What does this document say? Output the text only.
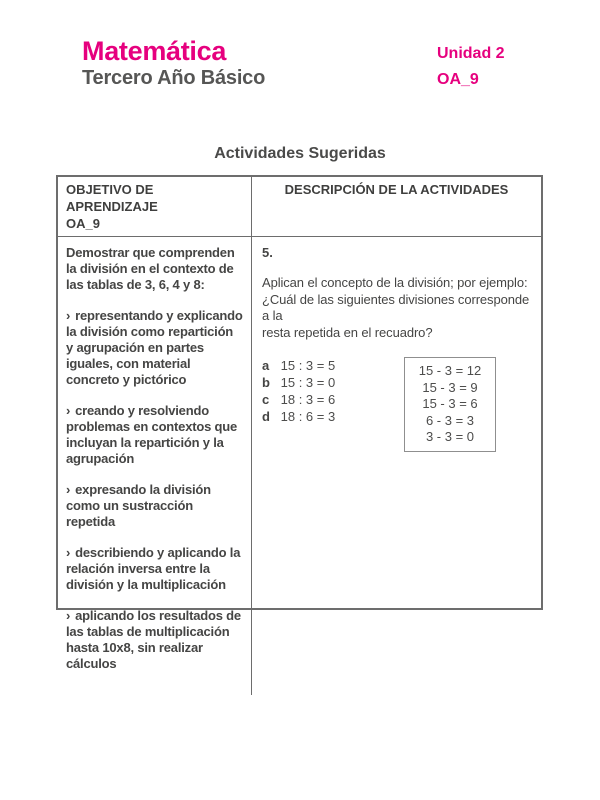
Matemática
Tercero Año Básico
Unidad 2
OA_9
Actividades Sugeridas
OBJETIVO DE APRENDIZAJE
OA_9
DESCRIPCIÓN DE LA ACTIVIDADES

Demostrar que comprenden la división en el contexto de las tablas de 3, 6, 4 y 8:

› representando y explicando la división como repartición y agrupación en partes iguales, con material concreto y pictórico

› creando y resolviendo problemas en contextos que incluyan la repartición y la agrupación

› expresando la división como un sustracción repetida

› describiendo y aplicando la relación inversa entre la división y la multiplicación

› aplicando los resultados de las tablas de multiplicación hasta 10x8, sin realizar cálculos

5.

Aplican el concepto de la división; por ejemplo:
¿Cuál de las siguientes divisiones corresponde a la
resta repetida en el recuadro?
a 15 : 3 = 5
b 15 : 3 = 0
c 18 : 3 = 6
d 18 : 6 = 3
15 - 3 = 12
15 - 3 = 9
15 - 3 = 6
6 - 3 = 3
3 - 3 = 0
